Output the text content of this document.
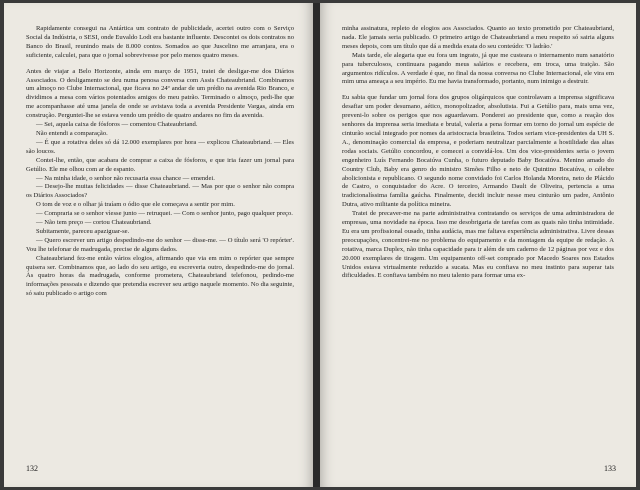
Rapidamente consegui na Antártica um contrato de publicidade, acertei outro com o Serviço Social da Indústria, o SESI, onde Euvaldo Lodi era bastante influente. Descontei os dois contratos no Banco do Brasil, reunindo mais de 8.000 contos. Somados ao que Juscelino me arranjara, era o suficiente, calculei, para que o jornal sobrevivesse por pelo menos quatro meses.

Antes de viajar a Belo Horizonte, ainda em março de 1951, tratei de desligar-me dos Diários Associados. O desligamento se deu numa penosa conversa com Assis Chateaubriand. Combinamos um almoço no Clube Internacional, que ficava no 24º andar de um prédio na avenida Rio Branco, e dividimos a mesa com vários potentados amigos do meu patrão. Terminado o almoço, pedi-lhe que me acompanhasse até uma janela de onde se avistava toda a avenida Presidente Vargas, ainda em construção. Perguntei-lhe se estava vendo um prédio de quatro andares no fim da avenida.

— Sei, aquela caixa de fósforos — comentou Chateaubriand.

Não entendi a comparação.

— É que a rotativa deles só dá 12.000 exemplares por hora — explicou Chateaubriand. — Eles são loucos.

Contei-lhe, então, que acabara de comprar a caixa de fósforos, e que iria fazer um jornal para Getúlio. Ele me olhou com ar de espanto.

— Na minha idade, o senhor não recusaria essa chance — emendei.

— Desejo-lhe muitas felicidades — disse Chateaubriand. — Mas por que o senhor não compra os Diários Associados?

O tom de voz e o olhar já traíam o ódio que ele começava a sentir por mim.

— Compraria se o senhor vìesse junto — retruquei. — Com o senhor junto, pago qualquer preço.

— Não tem preço — cortou Chateaubriand.

Subitamente, pareceu apaziguar-se.

— Quero escrever um artigo despedindo-me do senhor — disse-me. — O título será 'O repórter'. Vou lhe telefonar de madrugada, precise de alguns dados.

Chateaubriand fez-me então vários elogios, afirmando que via em mim o repórter que sempre quisera ser. Combinamos que, ao lado do seu artigo, eu escreveria outro, despedindo-me do jornal. Às quatro horas da madrugada, conforme prometera, Chateaubriand telefonou, pedindo-me informações pessoais e dizendo que pretendia escrever seu artigo naquele momento. No dia seguinte, só saiu publicado o artigo com

132

minha assinatura, repleto de elogios aos Associados. Quanto ao texto prometido por Chateaubriand, nada. Ele jamais seria publicado. O primeiro artigo de Chateaubriand a meu respeito só sairia alguns meses depois, com um título que dá a medida exata do seu conteúdo: 'O ladrão.'

Mais tarde, ele alegaria que eu fora um ingrato, já que me custeara o internamento num sanatório para tuberculosos, continuara pagando meus salários e recebera, em troca, uma traição. São argumentos ridículos. A verdade é que, no final da nossa conversa no Clube Internacional, ele vira em mim uma ameaça a seu império. Eu me havia transformado, portanto, num inimigo a destruir.

Eu sabia que fundar um jornal fora dos grupos oligárquicos que controlavam a imprensa significava desafiar um poder desumano, aético, monopolizador, absolutista. Fui a Getúlio para, mais uma vez, preveni-lo sobre os perigos que nos aguardavam. Ponderei ao presidente que, como a reação dos senhores da imprensa seria imediata e brutal, valeria a pena formar em torno do jornal um espécie de cinturão social integrado por nomes da aristocracia brasileira. Todos seriam vice-presidentes da UH S. A., denominação comercial da empresa, e poderiam neutralizar parcialmente a hostilidade das altas rodas sociais. Getúlio concordou, e comecei a convidá-los. Um dos vice-presidentes seria o jovem engenheiro Luís Fernando Bocaiúva Cunha, o futuro deputado Baby Bocaiúva. Menino amado do Country Club, Baby era genro do ministro Simões Filho e neto de Quintino Bocaiúva, o célebre abolicionista e republicano. O segundo nome convidado foi Carlos Holanda Moreira, neto de Plácido de Castro, o conquistador do Acre. O terceiro, Armando Dault de Oliveira, pertencia a uma tradicionalíssima família gaúcha. Finalmente, decidi incluir nesse meu cinturão um padre, Antônio Dutra, ativo militante da política mineira.

Tratei de precaver-me na parte administrativa contratando os serviços de uma administradora de empresas, uma novidade na época. Isso me desobrigaria de tarefas com as quais não tinha intimidade. Eu era um profissional ousado, tinha audácia, mas me faltava experiência administrativa. Livre dessas preocupações, concentrei-me no problema do equipamento e da montagem da equipe de redação. A rotativa, marca Duplex, não tinha capacidade para ir além de um caderno de 12 páginas por vez e dos 20.000 exemplares de tiragem. Um equipamento off-set comprado por Macedo Soares nos Estados Unidos estava virtualmente reduzido a sucata. Mas eu confiava no meu instinto para superar tais dificuldades. E confiava também no meu talento para formar uma ex-

133
